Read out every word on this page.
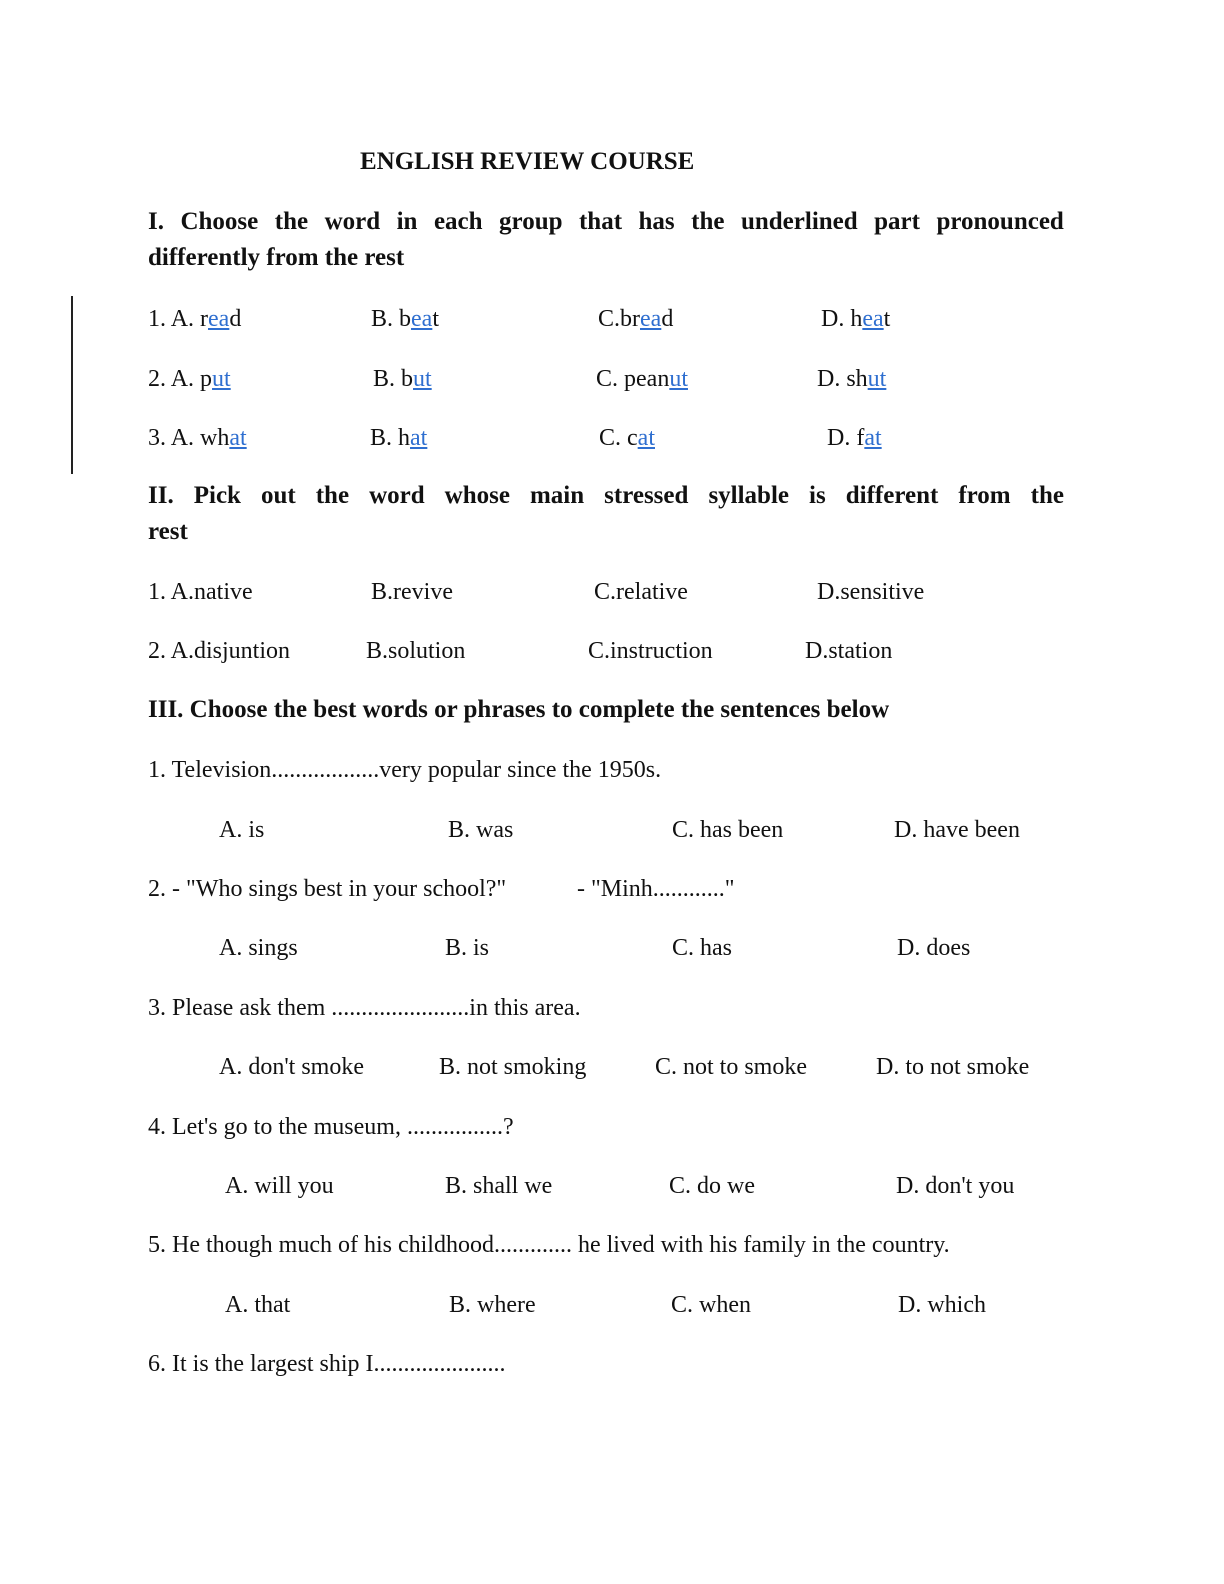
ENGLISH REVIEW COURSE
I. Choose the word in each group that has the underlined part pronounced
differently from the rest
1. A. read	B. beat	C.bread	D. heat
2. A. put	B. but	C. peanut	D. shut
3. A. what	B. hat	C. cat	D. fat
II. Pick out the word whose main stressed syllable is different from the
rest
1. A.native	B.revive	C.relative	D.sensitive
2. A.disjuntion	B.solution	C.instruction	D.station
III. Choose the best words or phrases to complete the sentences below
1. Television..................very popular since the 1950s.
A. is	B. was	C. has been	D. have been
2. - "Who sings best in your school?"	- "Minh............"
A. sings	B. is	C. has	D. does
3. Please ask them .......................in this area.
A. don't smoke	B. not smoking	C. not to smoke	D. to not smoke
4. Let's go to the museum, ................?
A. will you	B. shall we	C. do we	D. don't you
5. He though much of his childhood............. he lived with his family in the country.
A. that	B. where	C. when	D. which
6. It is the largest ship I......................
